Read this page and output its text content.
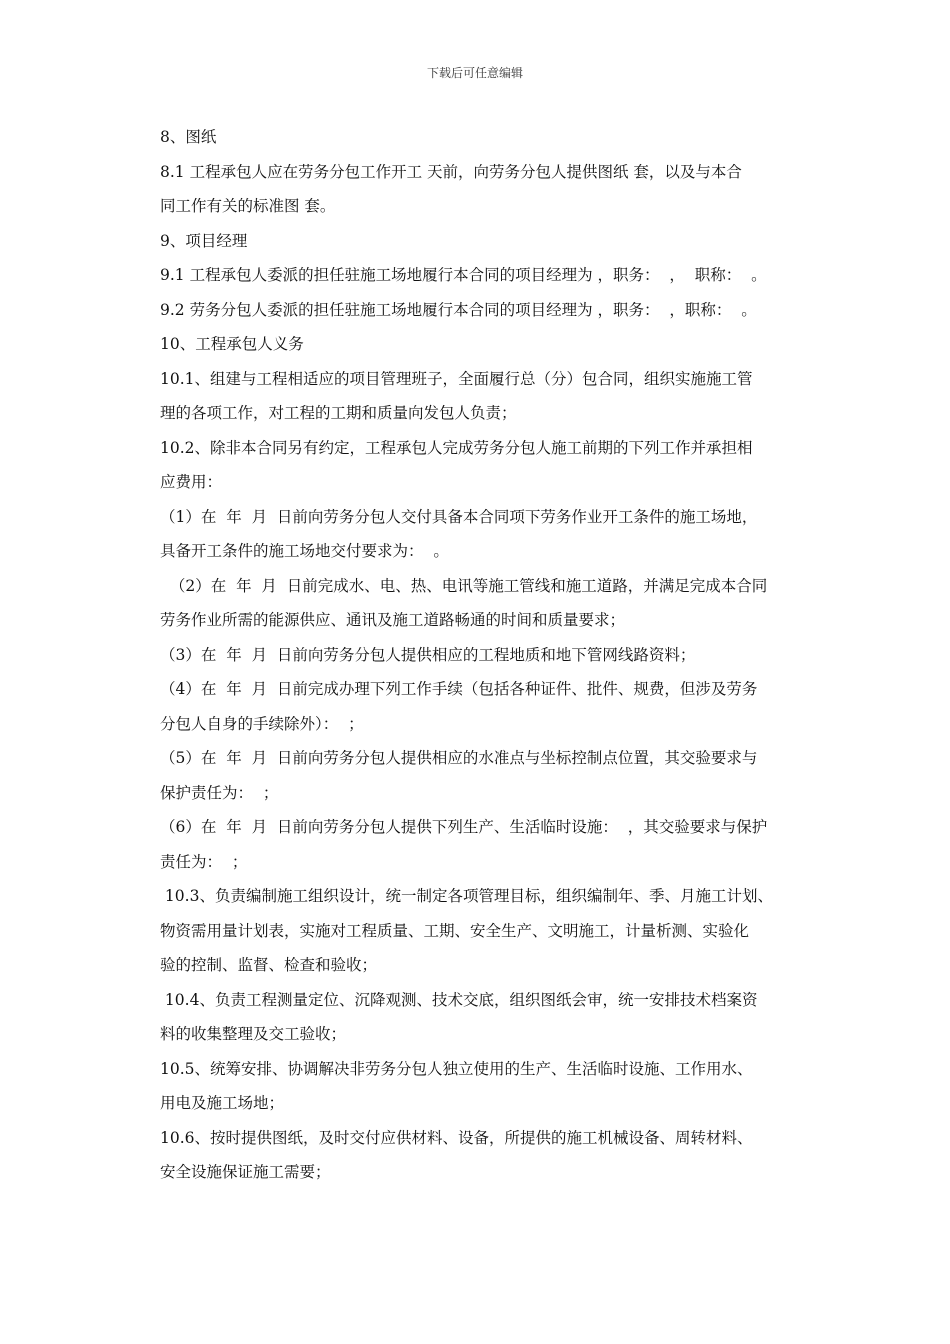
下载后可任意编辑
8、图纸
8.1 工程承包人应在劳务分包工作开工 天前，向劳务分包人提供图纸 套，以及与本合
同工作有关的标准图 套。
9、项目经理
9.1 工程承包人委派的担任驻施工场地履行本合同的项目经理为 ，职务：  ，  职称：  。
9.2 劳务分包人委派的担任驻施工场地履行本合同的项目经理为 ，职务：  ，职称：  。
10、工程承包人义务
10.1、组建与工程相适应的项目管理班子，全面履行总（分）包合同，组织实施施工管
理的各项工作，对工程的工期和质量向发包人负责；
10.2、除非本合同另有约定，工程承包人完成劳务分包人施工前期的下列工作并承担相
应费用：
（1）在  年  月  日前向劳务分包人交付具备本合同项下劳务作业开工条件的施工场地，
具备开工条件的施工场地交付要求为：  。
（2）在  年  月  日前完成水、电、热、电讯等施工管线和施工道路，并满足完成本合同
劳务作业所需的能源供应、通讯及施工道路畅通的时间和质量要求；
（3）在  年  月  日前向劳务分包人提供相应的工程地质和地下管网线路资料；
（4）在  年  月  日前完成办理下列工作手续（包括各种证件、批件、规费，但涉及劳务
分包人自身的手续除外）：  ；
（5）在  年  月  日前向劳务分包人提供相应的水准点与坐标控制点位置，其交验要求与
保护责任为：  ；
（6）在  年  月  日前向劳务分包人提供下列生产、生活临时设施：  ，其交验要求与保护
责任为：  ；
10.3、负责编制施工组织设计，统一制定各项管理目标，组织编制年、季、月施工计划、
物资需用量计划表，实施对工程质量、工期、安全生产、文明施工，计量析测、实验化
验的控制、监督、检查和验收；
10.4、负责工程测量定位、沉降观测、技术交底，组织图纸会审，统一安排技术档案资
料的收集整理及交工验收；
10.5、统筹安排、协调解决非劳务分包人独立使用的生产、生活临时设施、工作用水、
用电及施工场地；
10.6、按时提供图纸，及时交付应供材料、设备，所提供的施工机械设备、周转材料、
安全设施保证施工需要；
